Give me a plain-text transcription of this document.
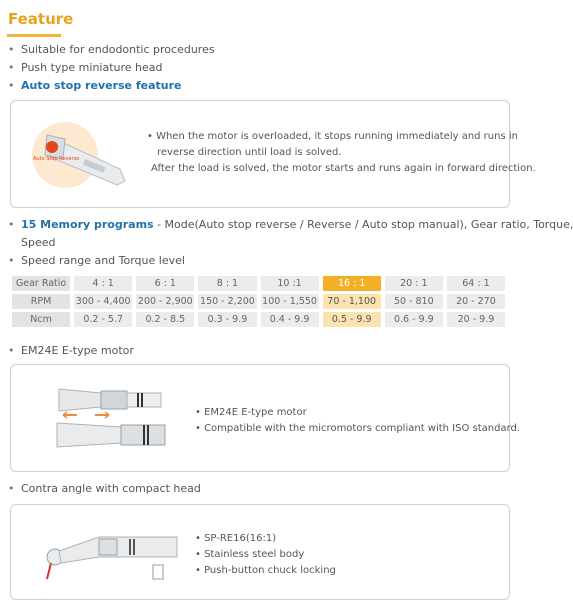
Feature
• Suitable for endodontic procedures
• Push type miniature head
• Auto stop reverse feature
Auto Stop Reverse
• When the motor is overloaded, it stops running immediately and runs in
reverse direction until load is solved.
After the load is solved, the motor starts and runs again in forward direction.
• 15 Memory programs - Mode(Auto stop reverse / Reverse / Auto stop manual), Gear ratio, Torque,
Speed
• Speed range and Torque level
Gear Ratio	4 : 1	6 : 1	8 : 1	10 :1	16 : 1	20 : 1	64 : 1
RPM	300 - 4,400	200 - 2,900	150 - 2,200	100 - 1,550	70 - 1,100	50 - 810	20 - 270
Ncm	0.2 - 5.7	0.2 - 8.5	0.3 - 9.9	0.4 - 9.9	0.5 - 9.9	0.6 - 9.9	20 - 9.9
• EM24E E-type motor
• EM24E E-type motor
• Compatible with the micromotors compliant with ISO standard.
• Contra angle with compact head
• SP-RE16(16:1)
• Stainless steel body
• Push-button chuck locking
